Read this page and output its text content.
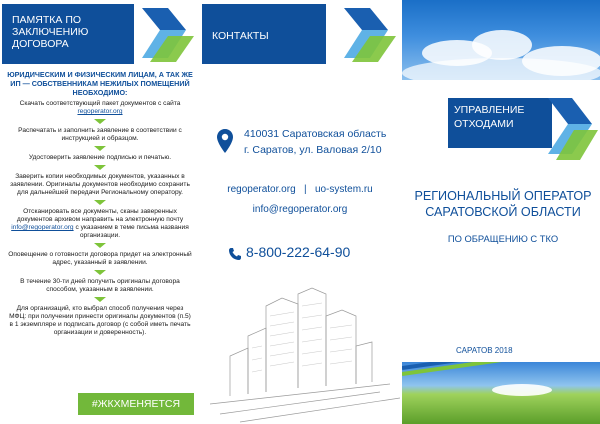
ПАМЯТКА ПО ЗАКЛЮЧЕНИЮ ДОГОВОРА
ЮРИДИЧЕСКИМ И ФИЗИЧЕСКИМ ЛИЦАМ, А ТАК ЖЕ ИП — СОБСТВЕННИКАМ НЕЖИЛЫХ ПОМЕЩЕНИЙ НЕОБХОДИМО:
Скачать соответствующий пакет документов с сайта
regoperator.org
Распечатать и заполнить заявление в соответствии с инструкцией и образцом.
Удостоверить заявление подписью и печатью.
Заверить копии необходимых документов, указанных в заявлении. Оригиналы документов необходимо сохранить для дальнейшей передачи Региональному оператору.
Отсканировать все документы, сканы заверенных документов архивом направить на электронную почту info@regoperator.org с указанием в теме письма названия организации.
Оповещение о готовности договора придет на электронный адрес, указанный в заявлении.
В течение 30-ти дней получить оригиналы договора способом, указанным в заявлении.
Для организаций, кто выбрал способ получения через МФЦ: при получении принести оригиналы документов (п.5) в 1 экземпляре и подписать договор (с собой иметь печать организации и доверенность).
#ЖКХМЕНЯЕТСЯ
КОНТАКТЫ
410031 Саратовская область
г. Саратов, ул. Валовая 2/10
regoperator.org | uo-system.ru
info@regoperator.org
8-800-222-64-90
УПРАВЛЕНИЕ
ОТХОДАМИ
РЕГИОНАЛЬНЫЙ ОПЕРАТОР
САРАТОВСКОЙ ОБЛАСТИ
ПО ОБРАЩЕНИЮ С ТКО
САРАТОВ 2018
